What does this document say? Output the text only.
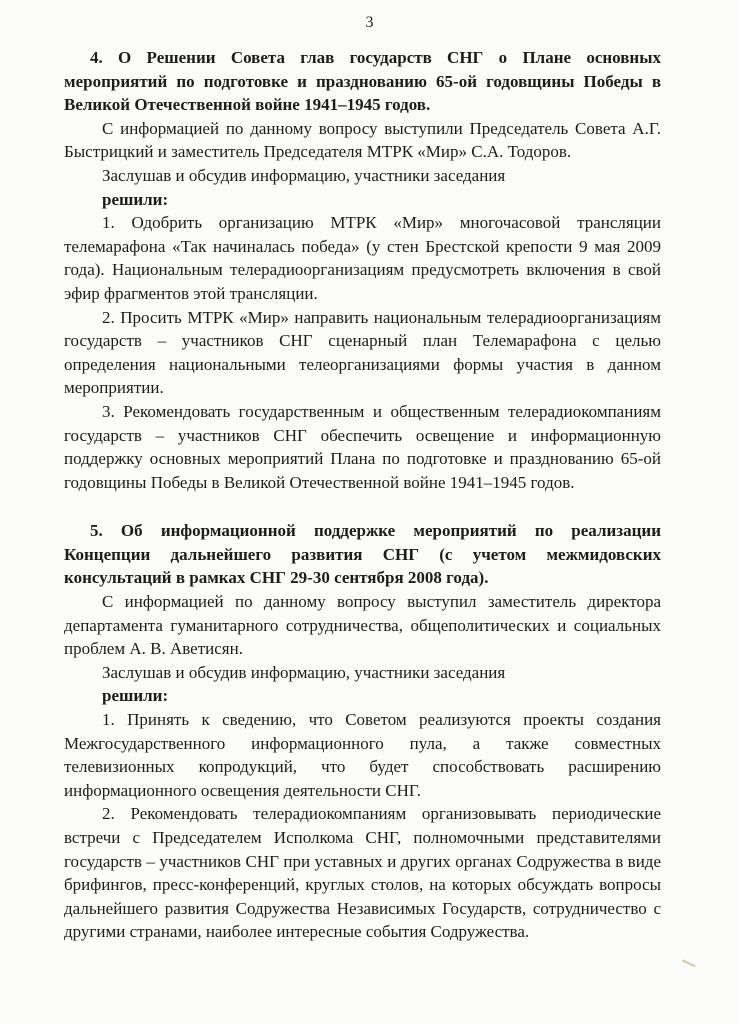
3

4. О Решении Совета глав государств СНГ о Плане основных мероприятий по подготовке и празднованию 65-ой годовщины Победы в Великой Отечественной войне 1941–1945 годов.

С информацией по данному вопросу выступили Председатель Совета А.Г. Быстрицкий и заместитель Председателя МТРК «Мир» С.А. Тодоров.

Заслушав и обсудив информацию, участники заседания

решили:

1. Одобрить организацию МТРК «Мир» многочасовой трансляции телемарафона «Так начиналась победа» (у стен Брестской крепости 9 мая 2009 года). Национальным телерадиоорганизациям предусмотреть включения в свой эфир фрагментов этой трансляции.

2. Просить МТРК «Мир» направить национальным телерадиоорганизациям государств – участников СНГ сценарный план Телемарафона с целью определения национальными телеорганизациями формы участия в данном мероприятии.

3. Рекомендовать государственным и общественным телерадиокомпаниям государств – участников СНГ обеспечить освещение и информационную поддержку основных мероприятий Плана по подготовке и празднованию 65-ой годовщины Победы в Великой Отечественной войне 1941–1945 годов.

5. Об информационной поддержке мероприятий по реализации Концепции дальнейшего развития СНГ (с учетом межмидовских консультаций в рамках СНГ 29-30 сентября 2008 года).

С информацией по данному вопросу выступил заместитель директора департамента гуманитарного сотрудничества, общеполитических и социальных проблем А. В. Аветисян.

Заслушав и обсудив информацию, участники заседания

решили:

1. Принять к сведению, что Советом реализуются проекты создания Межгосударственного информационного пула, а также совместных телевизионных копродукций, что будет способствовать расширению информационного освещения деятельности СНГ.

2. Рекомендовать телерадиокомпаниям организовывать периодические встречи с Председателем Исполкома СНГ, полномочными представителями государств – участников СНГ при уставных и других органах Содружества в виде брифингов, пресс-конференций, круглых столов, на которых обсуждать вопросы дальнейшего развития Содружества Независимых Государств, сотрудничество с другими странами, наиболее интересные события Содружества.
